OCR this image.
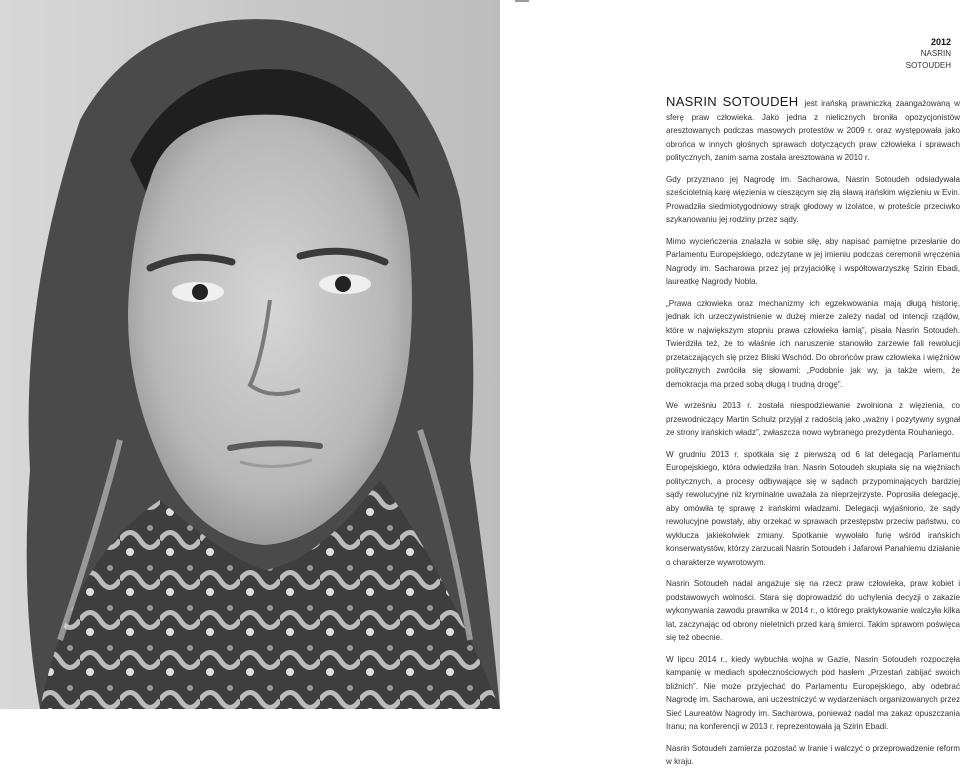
2012
NASRIN
SOTOUDEH

NASRIN SOTOUDEH jest irańską prawniczką zaangażowaną w sferę praw człowieka. Jako jedna z nielicznych broniła opozycjonistów aresztowanych podczas masowych protestów w 2009 r. oraz występowała jako obrońca w innych głośnych sprawach dotyczących praw człowieka i sprawach politycznych, zanim sama została aresztowana w 2010 r.

Gdy przyznano jej Nagrodę im. Sacharowa, Nasrin Sotoudeh odsiadywała sześcioletnią karę więzienia w cieszącym się złą sławą irańskim więzieniu w Evin. Prowadziła siedmiotygodniowy strajk głodowy w izolatce, w proteście przeciwko szykanowaniu jej rodziny przez sądy.

Mimo wycieńczenia znalazła w sobie siłę, aby napisać pamiętne przesłanie do Parlamentu Europejskiego, odczytane w jej imieniu podczas ceremonii wręczenia Nagrody im. Sacharowa przez jej przyjaciółkę i współtowarzyszkę Szirin Ebadi, laureatkę Nagrody Nobla.

„Prawa człowieka oraz mechanizmy ich egzekwowania mają długą historię, jednak ich urzeczywistnienie w dużej mierze zależy nadal od intencji rządów, które w największym stopniu prawa człowieka łamią”, pisała Nasrin Sotoudeh. Twierdziła też, że to właśnie ich naruszenie stanowiło zarzewie fali rewolucji przetaczających się przez Bliski Wschód. Do obrońców praw człowieka i więźniów politycznych zwróciła się słowami: „Podobnie jak wy, ja także wiem, że demokracja ma przed sobą długą i trudną drogę”.

We wrześniu 2013 r. została niespodziewanie zwolniona z więzienia, co przewodniczący Martin Schulz przyjął z radością jako „ważny i pozytywny sygnał ze strony irańskich władz”, zwłaszcza nowo wybranego prezydenta Rouhaniego.

W grudniu 2013 r. spotkała się z pierwszą od 6 lat delegacją Parlamentu Europejskiego, która odwiedziła Iran. Nasrin Sotoudeh skupiała się na więźniach politycznych, a procesy odbywające się w sądach przypominających bardziej sądy rewolucyjne niż kryminalne uważała za nieprzejrzyste. Poprosiła delegację, aby omówiła tę sprawę z irańskimi władzami. Delegacji wyjaśniono, że sądy rewolucyjne powstały, aby orzekać w sprawach przestępstw przeciw państwu, co wyklucza jakiekolwiek zmiany. Spotkanie wywołało furię wśród irańskich konserwatystów, którzy zarzucali Nasrin Sotoudeh i Jafarowi Panahiemu działanie o charakterze wywrotowym.

Nasrin Sotoudeh nadal angażuje się na rzecz praw człowieka, praw kobiet i podstawowych wolności. Stara się doprowadzić do uchylenia decyzji o zakazie wykonywania zawodu prawnika w 2014 r., o którego praktykowanie walczyła kilka lat, zaczynając od obrony nieletnich przed karą śmierci. Takim sprawom poświęca się też obecnie.

W lipcu 2014 r., kiedy wybuchła wojna w Gazie, Nasrin Sotoudeh rozpoczęła kampanię w mediach społecznościowych pod hasłem „Przestań zabijać swoich bliźnich”. Nie może przyjechać do Parlamentu Europejskiego, aby odebrać Nagrodę im. Sacharowa, ani uczestniczyć w wydarzeniach organizowanych przez Sieć Laureatów Nagrody im. Sacharowa, ponieważ nadal ma zakaz opuszczania Iranu; na konferencji w 2013 r. reprezentowała ją Szirin Ebadi.

Nasrin Sotoudeh zamierza pozostać w Iranie i walczyć o przeprowadzenie reform w kraju.
